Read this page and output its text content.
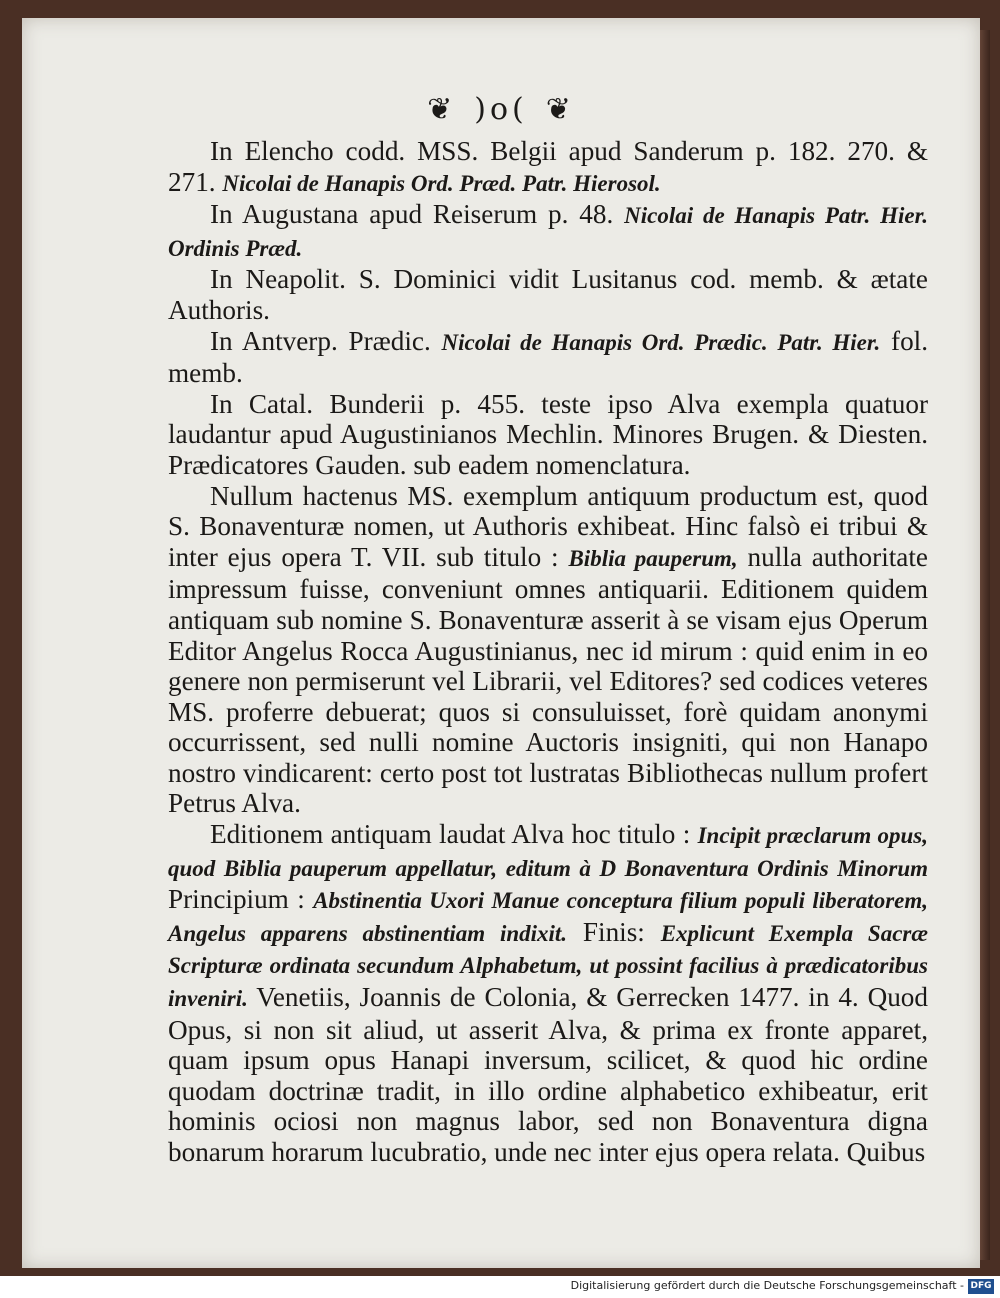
❦ )o( ❦

In Elencho codd. MSS. Belgii apud Sanderum p. 182. 270. & 271. Nicolai de Hanapis Ord. Præd. Patr. Hierosol.

In Augustana apud Reiserum p. 48. Nicolai de Hanapis Patr. Hier. Ordinis Præd.

In Neapolit. S. Dominici vidit Lusitanus cod. memb. & ætate Authoris.

In Antverp. Prædic. Nicolai de Hanapis Ord. Prædic. Patr. Hier. fol. memb.

In Catal. Bunderii p. 455. teste ipso Alva exempla quatuor laudantur apud Augustinianos Mechlin. Minores Brugen. & Diesten. Prædicatores Gauden. sub eadem nomenclatura.

Nullum hactenus MS. exemplum antiquum productum est, quod S. Bonaventuræ nomen, ut Authoris exhibeat. Hinc falsò ei tribui & inter ejus opera T. VII. sub titulo : Biblia pauperum, nulla authoritate impressum fuisse, conveniunt omnes antiquarii. Editionem quidem antiquam sub nomine S. Bonaventuræ asserit à se visam ejus Operum Editor Angelus Rocca Augustinianus, nec id mirum : quid enim in eo genere non permiserunt vel Librarii, vel Editores? sed codices veteres MS. proferre debuerat; quos si consuluisset, forè quidam anonymi occurrissent, sed nulli nomine Auctoris insigniti, qui non Hanapo nostro vindicarent: certo post tot lustratas Bibliothecas nullum profert Petrus Alva.

Editionem antiquam laudat Alva hoc titulo : Incipit præclarum opus, quod Biblia pauperum appellatur, editum à D Bonaventura Ordinis Minorum Principium : Abstinentia Uxori Manue conceptura filium populi liberatorem, Angelus apparens abstinentiam indixit. Finis: Explicunt Exempla Sacræ Scripturæ ordinata secundum Alphabetum, ut possint facilius à prædicatoribus inveniri. Venetiis, Joannis de Colonia, & Gerrecken 1477. in 4. Quod Opus, si non sit aliud, ut asserit Alva, & prima ex fronte apparet, quam ipsum opus Hanapi inversum, scilicet, & quod hic ordine quodam doctrinæ tradit, in illo ordine alphabetico exhibeatur, erit hominis ociosi non magnus labor, sed non Bonaventura digna bonarum horarum lucubratio, unde nec inter ejus opera relata. Quibus

Digitalisierung gefördert durch die Deutsche Forschungsgemeinschaft - DFG
